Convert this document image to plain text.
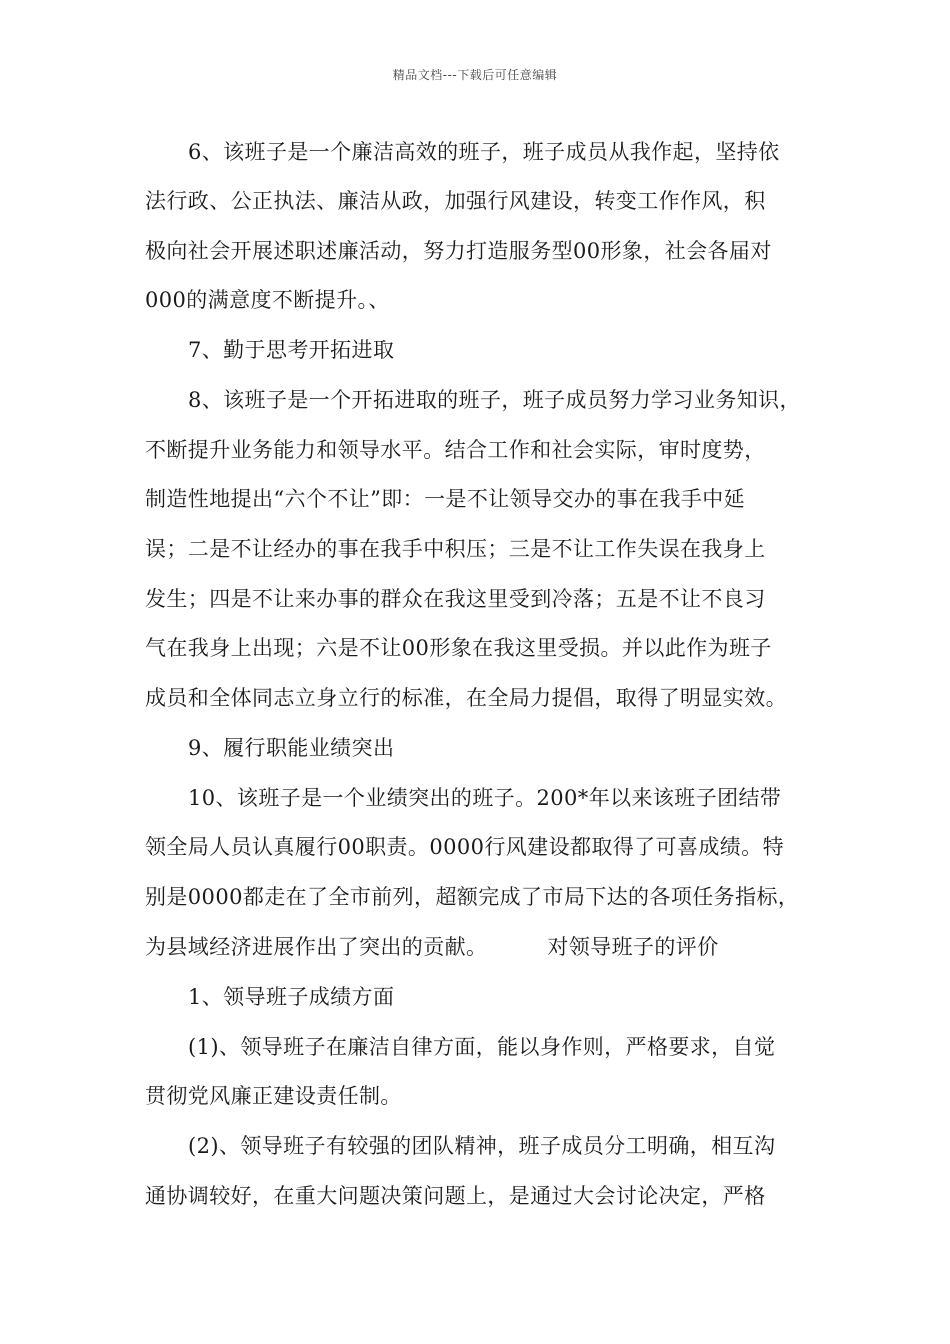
精品文档---下载后可任意编辑
6、该班子是一个廉洁高效的班子，班子成员从我作起，坚持依
法行政、公正执法、廉洁从政，加强行风建设，转变工作作风，积
极向社会开展述职述廉活动，努力打造服务型00形象，社会各届对
000的满意度不断提升。、
7、勤于思考开拓进取
8、该班子是一个开拓进取的班子，班子成员努力学习业务知识，
不断提升业务能力和领导水平。结合工作和社会实际，审时度势，
制造性地提出“六个不让”即：一是不让领导交办的事在我手中延
误；二是不让经办的事在我手中积压；三是不让工作失误在我身上
发生；四是不让来办事的群众在我这里受到冷落；五是不让不良习
气在我身上出现；六是不让00形象在我这里受损。并以此作为班子
成员和全体同志立身立行的标准，在全局力提倡，取得了明显实效。
9、履行职能业绩突出
10、该班子是一个业绩突出的班子。200*年以来该班子团结带
领全局人员认真履行00职责。0000行风建设都取得了可喜成绩。特
别是0000都走在了全市前列，超额完成了市局下达的各项任务指标，
为县域经济进展作出了突出的贡献。	对领导班子的评价
1、领导班子成绩方面
(1)、领导班子在廉洁自律方面，能以身作则，严格要求，自觉
贯彻党风廉正建设责任制。
(2)、领导班子有较强的团队精神，班子成员分工明确，相互沟
通协调较好，在重大问题决策问题上，是通过大会讨论决定，严格
